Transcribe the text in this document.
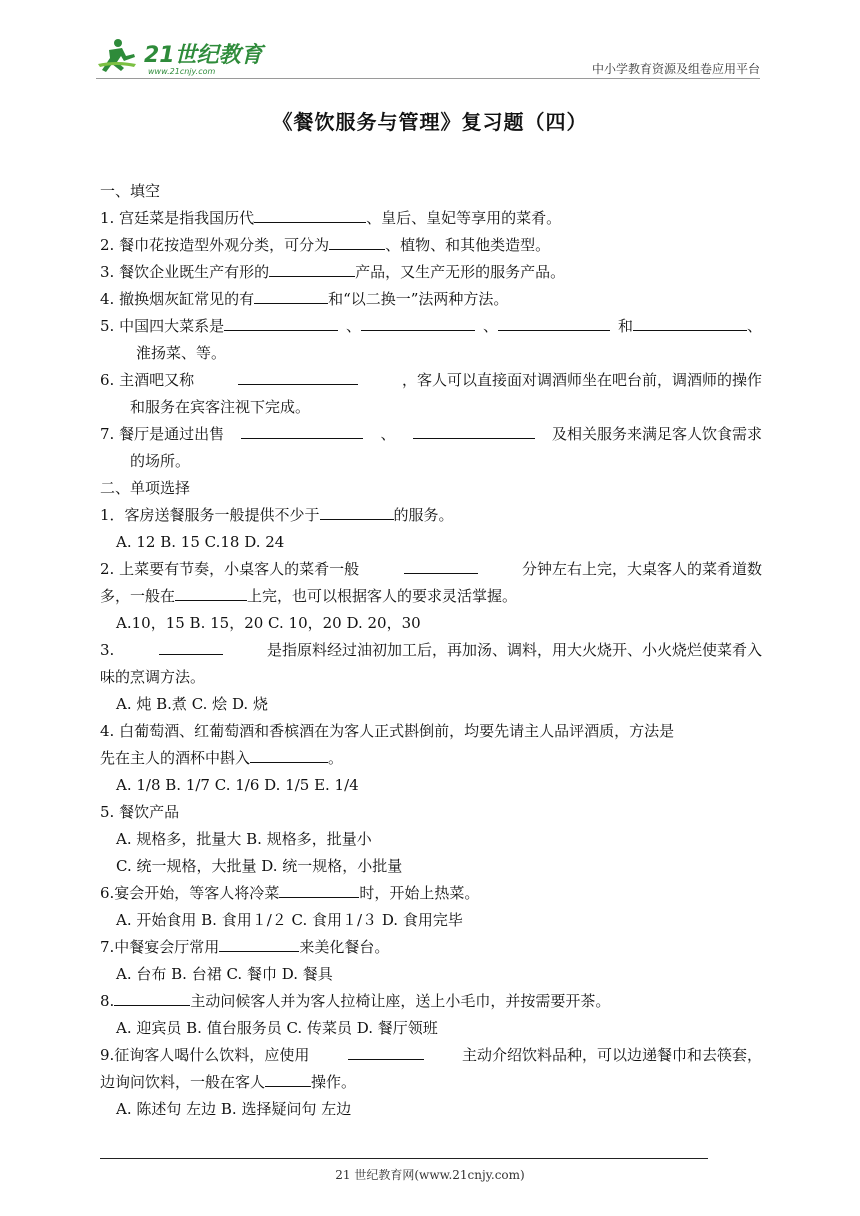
21世纪教育
www.21cnjy.com	中小学教育资源及组卷应用平台
《餐饮服务与管理》复习题（四）
一、填空
1. 宫廷菜是指我国历代	、皇后、皇妃等享用的菜肴。
2. 餐巾花按造型外观分类，可分为	、植物、和其他类造型。
3. 餐饮企业既生产有形的	产品，又生产无形的服务产品。
4. 撤换烟灰缸常见的有	和“以二换一”法两种方法。
5. 中国四大菜系是	、	、	和	、
淮扬菜、等。
6. 主酒吧又称	，客人可以直接面对调酒师坐在吧台前，调酒师的操作
和服务在宾客注视下完成。
7. 餐厅是通过出售	、	及相关服务来满足客人饮食需求
的场所。
二、单项选择
1．客房送餐服务一般提供不少于	的服务。
A. 12 B. 15 C.18 D. 24
2. 上菜要有节奏，小桌客人的菜肴一般	分钟左右上完，大桌客人的菜肴道数
多，一般在	上完，也可以根据客人的要求灵活掌握。
A.10，15 B. 15，20 C. 10，20 D. 20，30
3.	是指原料经过油初加工后，再加汤、调料，用大火烧开、小火烧烂使菜肴入
味的烹调方法。
A. 炖 B.煮 C. 烩 D. 烧
4. 白葡萄酒、红葡萄酒和香槟酒在为客人正式斟倒前，均要先请主人品评酒质，方法是
先在主人的酒杯中斟入	。
A. 1/8 B. 1/7 C. 1/6 D. 1/5 E. 1/4
5. 餐饮产品
A. 规格多，批量大 B. 规格多，批量小
C. 统一规格，大批量 D. 统一规格，小批量
6.宴会开始，等客人将冷菜	时，开始上热菜。
A. 开始食用 B. 食用１/２ C. 食用１/３ D. 食用完毕
7.中餐宴会厅常用	来美化餐台。
A. 台布 B. 台裙 C. 餐巾 D. 餐具
8.	主动问候客人并为客人拉椅让座，送上小毛巾，并按需要开茶。
A. 迎宾员 B. 值台服务员 C. 传菜员 D. 餐厅领班
9.征询客人喝什么饮料，应使用	主动介绍饮料品种，可以边递餐巾和去筷套，
边询问饮料，一般在客人	操作。
A. 陈述句 左边 B. 选择疑问句 左边
21 世纪教育网(www.21cnjy.com)
